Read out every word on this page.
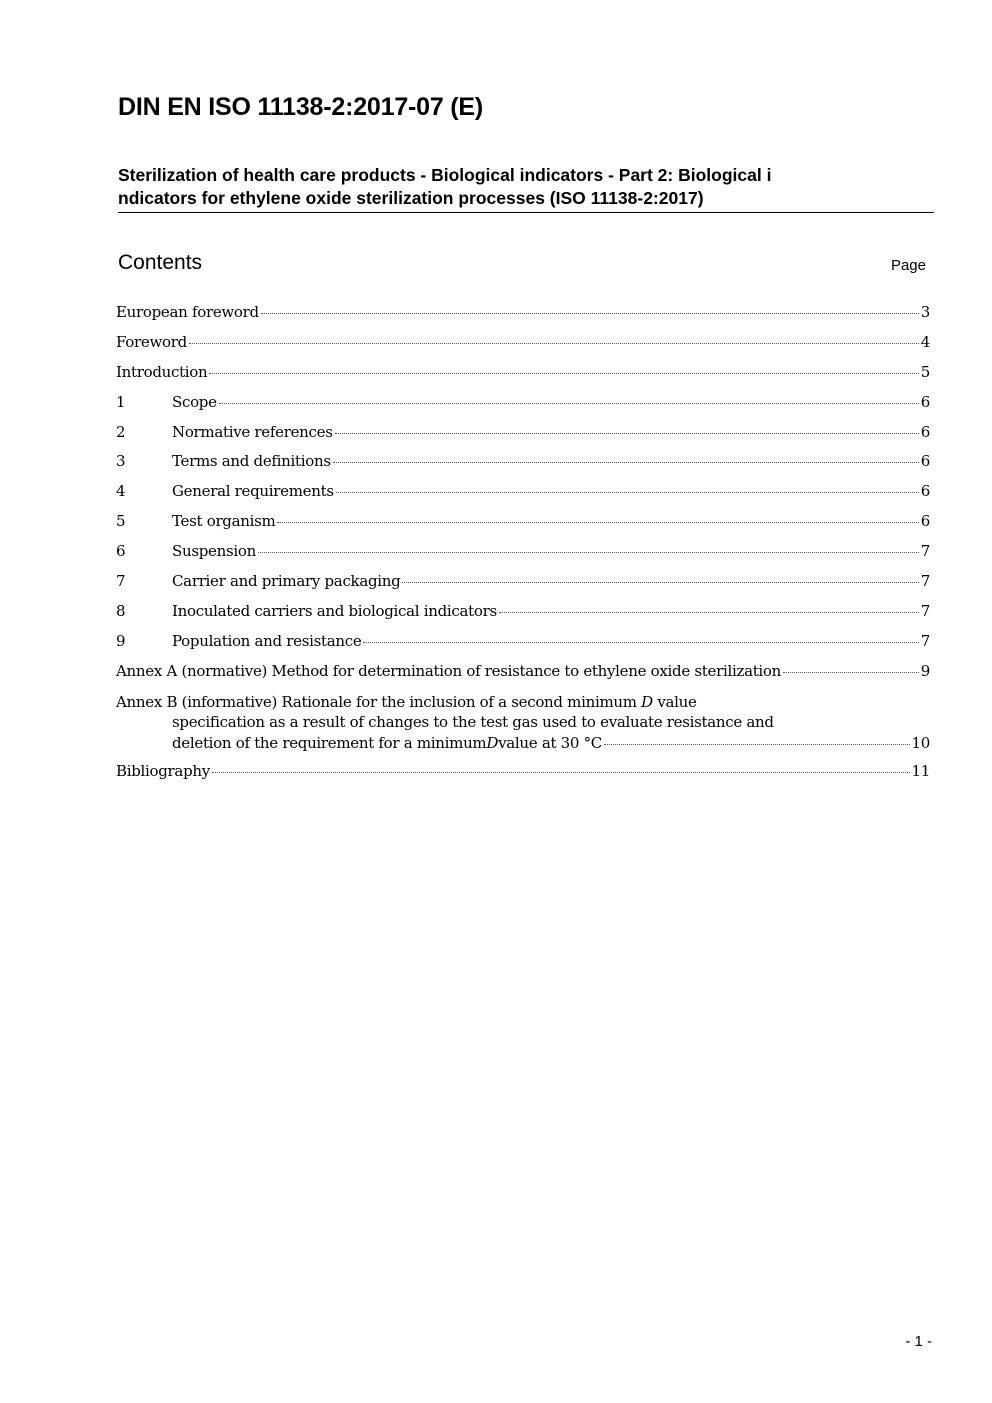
DIN EN ISO 11138-2:2017-07 (E)
Sterilization of health care products - Biological indicators - Part 2: Biological i
ndicators for ethylene oxide sterilization processes (ISO 11138-2:2017)
Contents	Page
European foreword	3
Foreword	4
Introduction	5
1	Scope	6
2	Normative references	6
3	Terms and definitions	6
4	General requirements	6
5	Test organism	6
6	Suspension	7
7	Carrier and primary packaging	7
8	Inoculated carriers and biological indicators	7
9	Population and resistance	7
Annex A (normative) Method for determination of resistance to ethylene oxide sterilization	9
Annex B (informative) Rationale for the inclusion of a second minimum D value
specification as a result of changes to the test gas used to evaluate resistance and
deletion of the requirement for a minimum D value at 30 °C	10
Bibliography	11
- 1 -
